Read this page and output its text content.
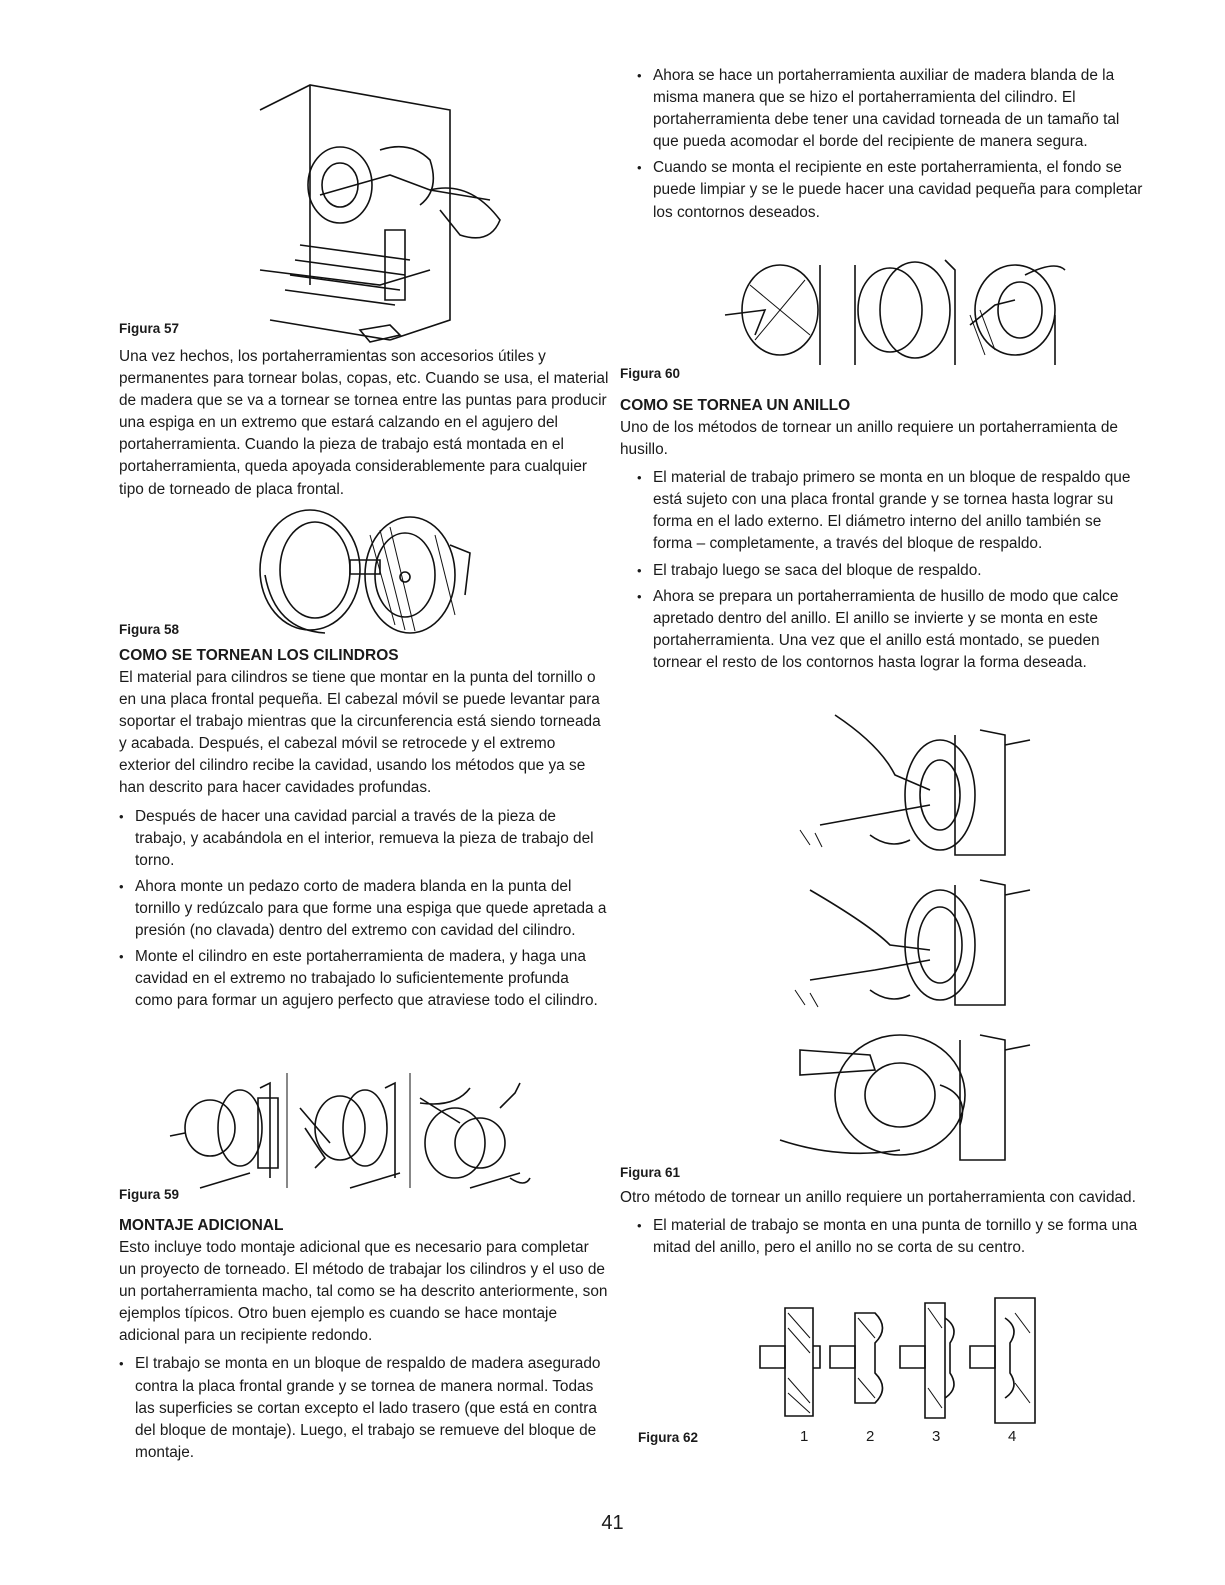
Figura 57

Una vez hechos, los portaherramientas son accesorios útiles y permanentes para tornear bolas, copas, etc. Cuando se usa, el material de madera que se va a tornear se tornea entre las puntas para producir una espiga en un extremo que estará calzando en el agujero del portaherramienta. Cuando la pieza de trabajo está montada en el portaherramienta, queda apoyada considerablemente para cualquier tipo de torneado de placa frontal.

Figura 58
COMO SE TORNEAN LOS CILINDROS

El material para cilindros se tiene que montar en la punta del tornillo o en una placa frontal pequeña. El cabezal móvil se puede levantar para soportar el trabajo mientras que la circunferencia está siendo torneada y acabada. Después, el cabezal móvil se retrocede y el extremo exterior del cilindro recibe la cavidad, usando los métodos que ya se han descrito para hacer cavidades profundas.

• Después de hacer una cavidad parcial a través de la pieza de trabajo, y acabándola en el interior, remueva la pieza de trabajo del torno.
• Ahora monte un pedazo corto de madera blanda en la punta del tornillo y redúzcalo para que forme una espiga que quede apretada a presión (no clavada) dentro del extremo con cavidad del cilindro.
• Monte el cilindro en este portaherramienta de madera, y haga una cavidad en el extremo no trabajado lo suficientemente profunda como para formar un agujero perfecto que atraviese todo el cilindro.
Figura 59
MONTAJE ADICIONAL

Esto incluye todo montaje adicional que es necesario para completar un proyecto de torneado. El método de trabajar los cilindros y el uso de un portaherramienta macho, tal como se ha descrito anteriormente, son ejemplos típicos. Otro buen ejemplo es cuando se hace montaje adicional para un recipiente redondo.

• El trabajo se monta en un bloque de respaldo de madera asegurado contra la placa frontal grande y se tornea de manera normal. Todas las superficies se cortan excepto el lado trasero (que está en contra del bloque de montaje). Luego, el trabajo se remueve del bloque de montaje.
• Ahora se hace un portaherramienta auxiliar de madera blanda de la misma manera que se hizo el portaherramienta del cilindro. El portaherramienta debe tener una cavidad torneada de un tamaño tal que pueda acomodar el borde del recipiente de manera segura.
• Cuando se monta el recipiente en este portaherramienta, el fondo se puede limpiar y se le puede hacer una cavidad pequeña para completar los contornos deseados.
Figura 60
COMO SE TORNEA UN ANILLO

Uno de los métodos de tornear un anillo requiere un portaherramienta de husillo.

• El material de trabajo primero se monta en un bloque de respaldo que está sujeto con una placa frontal grande y se tornea hasta lograr su forma en el lado externo. El diámetro interno del anillo también se forma – completamente, a través del bloque de respaldo.
• El trabajo luego se saca del bloque de respaldo.
• Ahora se prepara un portaherramienta de husillo de modo que calce apretado dentro del anillo. El anillo se invierte y se monta en este portaherramienta. Una vez que el anillo está montado, se pueden tornear el resto de los contornos hasta lograr la forma deseada.
Figura 61

Otro método de tornear un anillo requiere un portaherramienta con cavidad.

• El material de trabajo se monta en una punta de tornillo y se forma una mitad del anillo, pero el anillo no se corta de su centro.
Figura 62	1	2	3	4
41
